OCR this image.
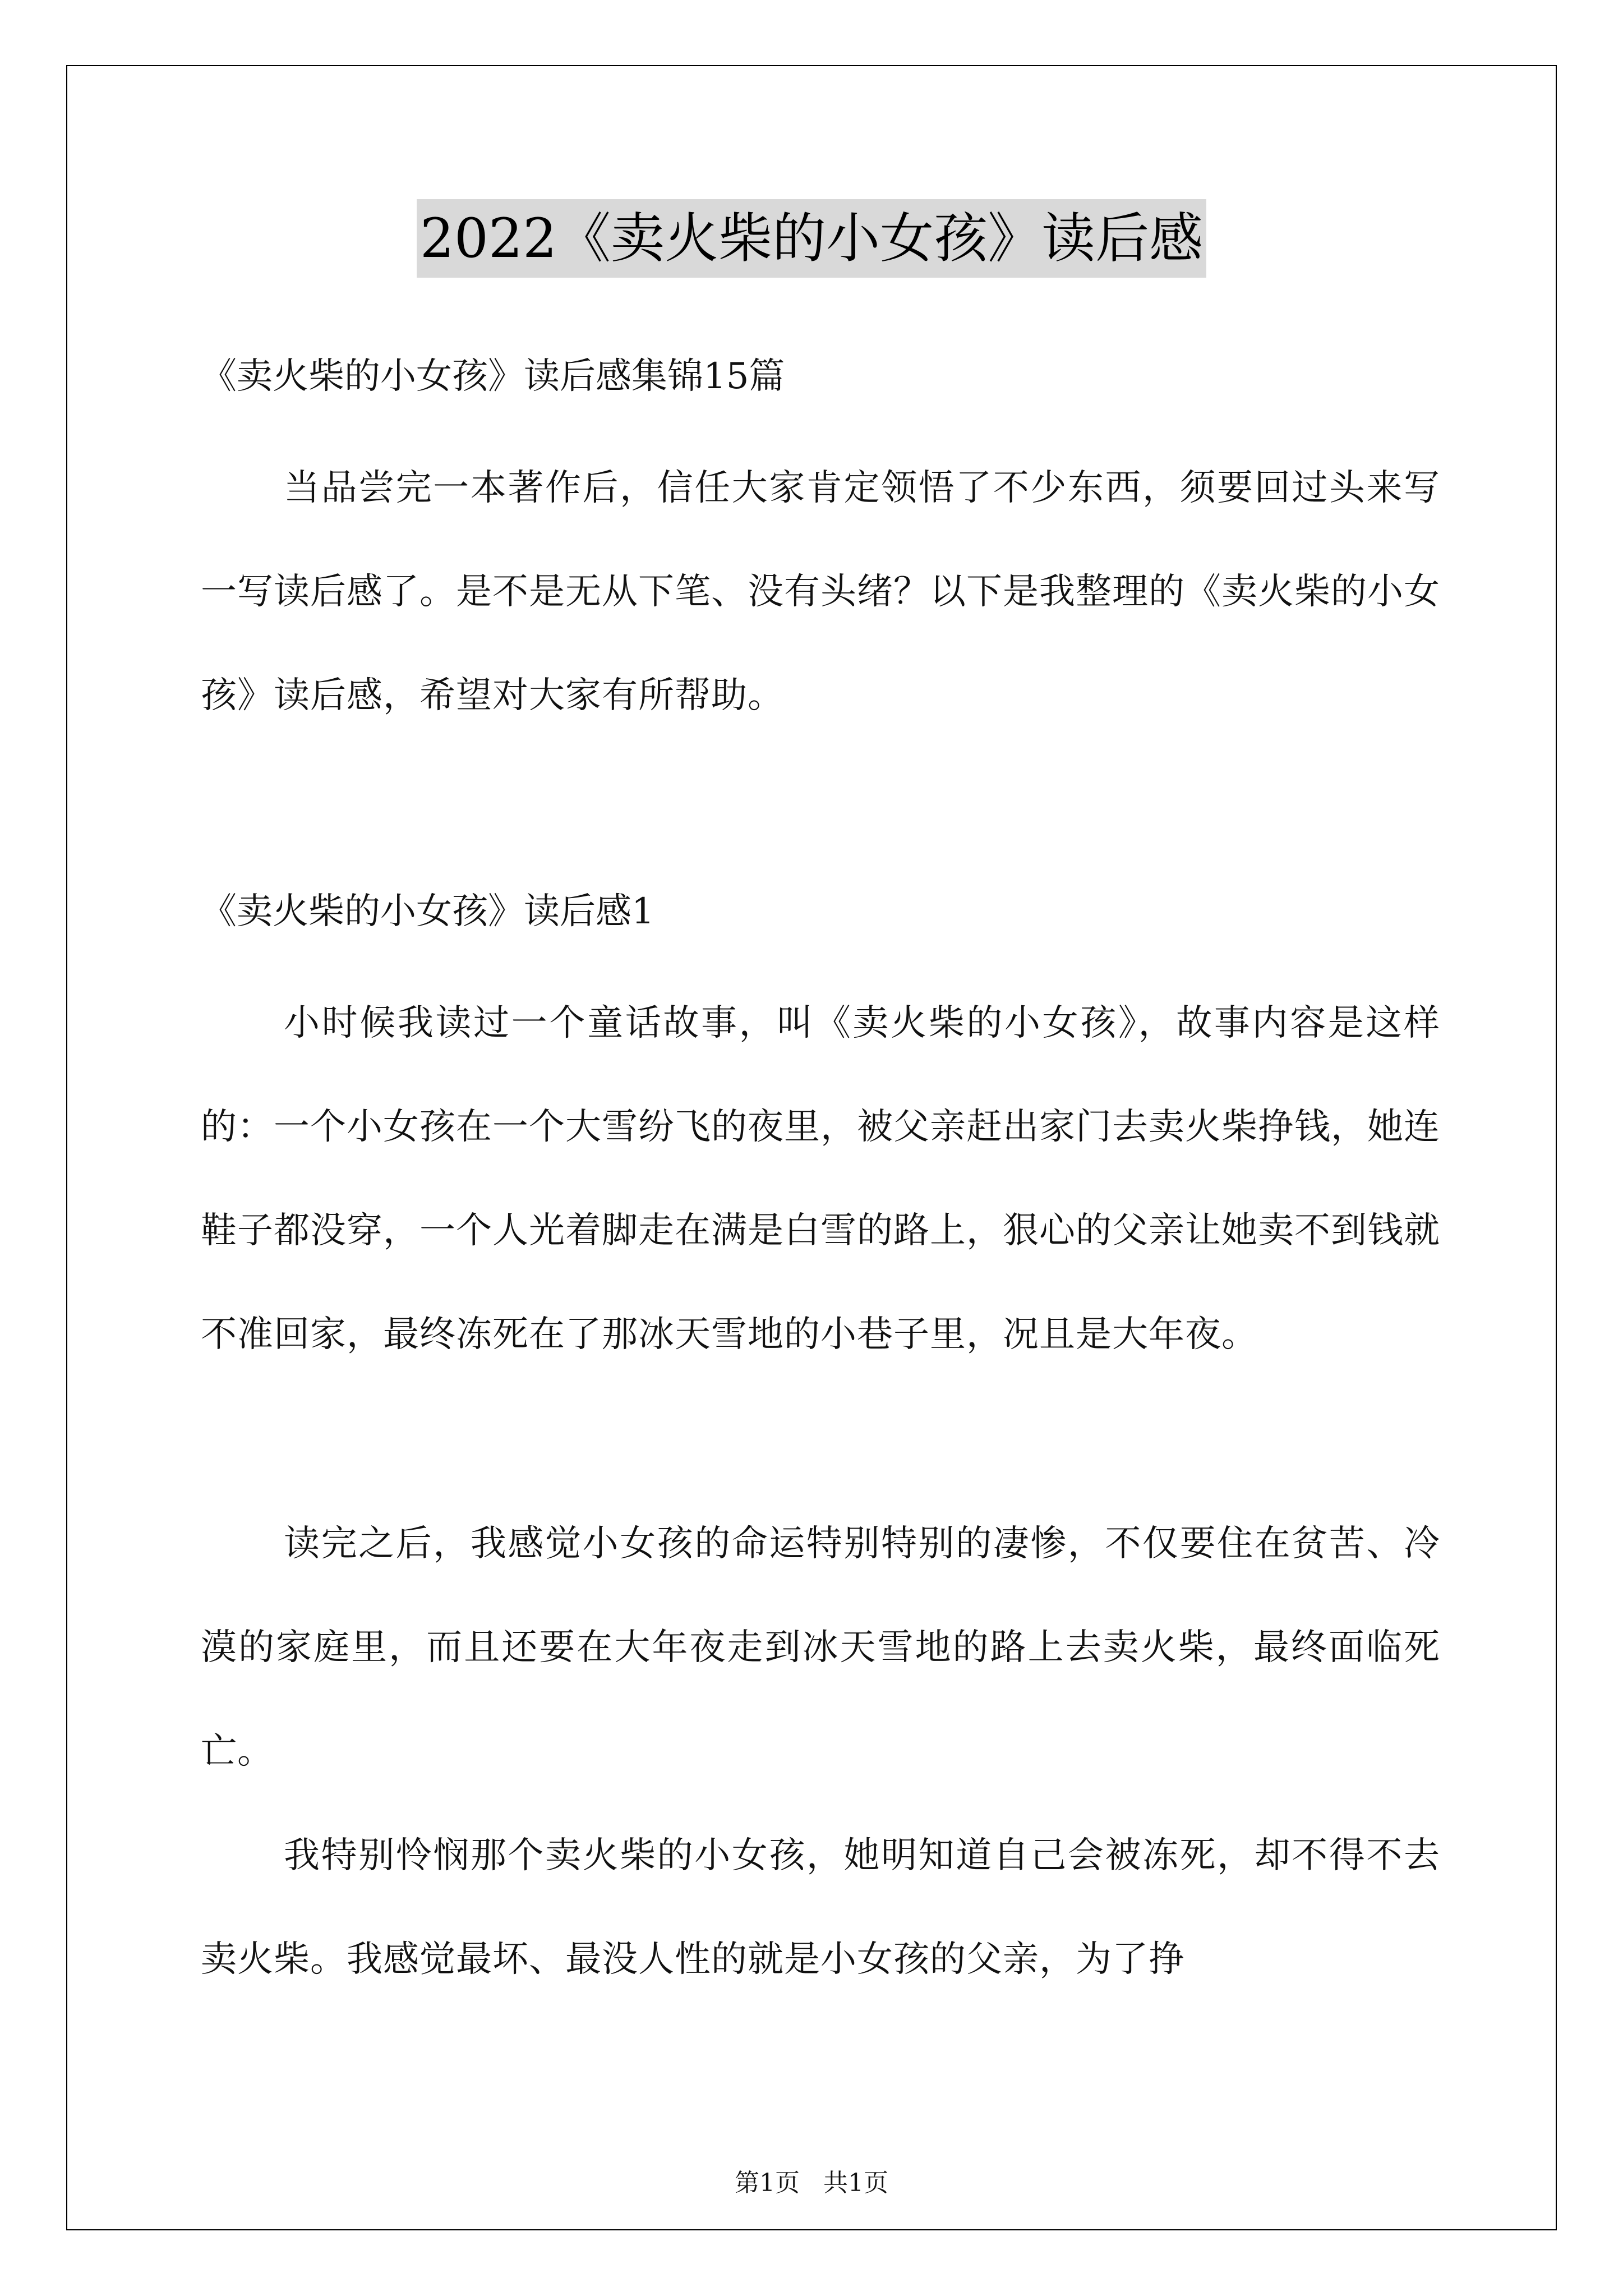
2022《卖火柴的小女孩》读后感
《卖火柴的小女孩》读后感集锦15篇
当品尝完一本著作后，信任大家肯定领悟了不少东西，须要回过头来写一写读后感了。是不是无从下笔、没有头绪？以下是我整理的《卖火柴的小女孩》读后感，希望对大家有所帮助。
《卖火柴的小女孩》读后感1
小时候我读过一个童话故事，叫《卖火柴的小女孩》，故事内容是这样的：一个小女孩在一个大雪纷飞的夜里，被父亲赶出家门去卖火柴挣钱，她连鞋子都没穿，一个人光着脚走在满是白雪的路上，狠心的父亲让她卖不到钱就不准回家，最终冻死在了那冰天雪地的小巷子里，况且是大年夜。
读完之后，我感觉小女孩的命运特别特别的凄惨，不仅要住在贫苦、冷漠的家庭里，而且还要在大年夜走到冰天雪地的路上去卖火柴，最终面临死亡。
我特别怜悯那个卖火柴的小女孩，她明知道自己会被冻死，却不得不去卖火柴。我感觉最坏、最没人性的就是小女孩的父亲，为了挣
第1页 共1页
